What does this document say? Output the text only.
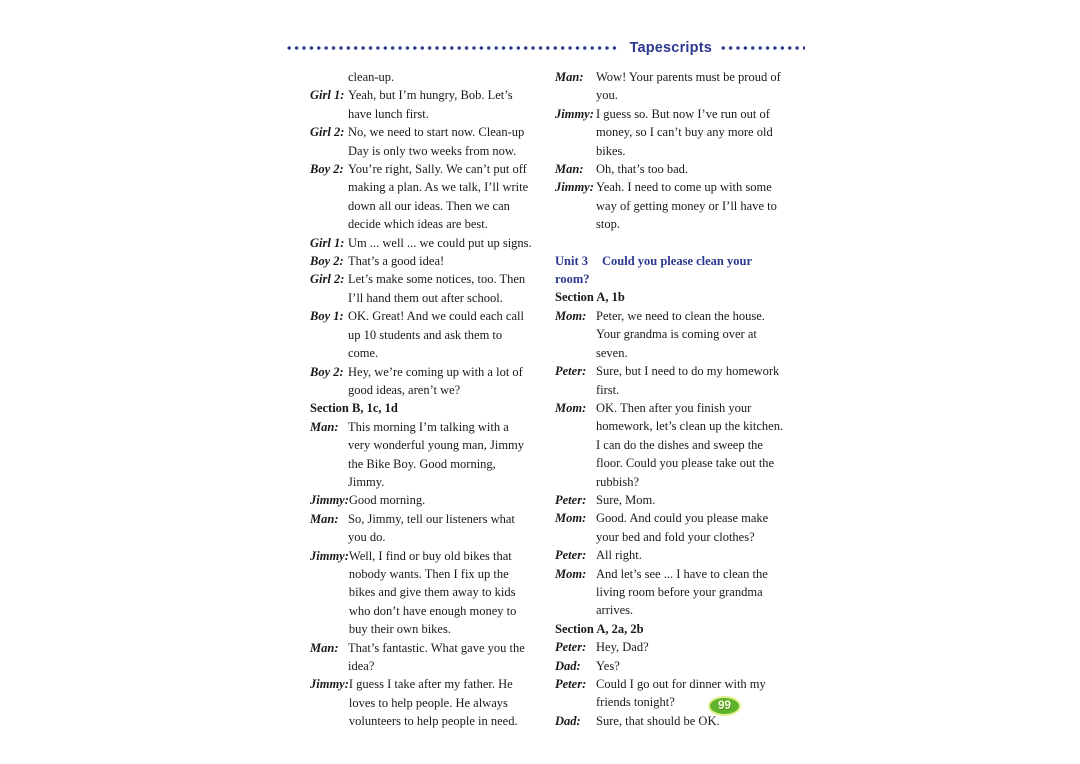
Tapescripts
clean-up.
Girl 1: Yeah, but I’m hungry, Bob. Let’s have lunch first.
Girl 2: No, we need to start now. Clean-up Day is only two weeks from now.
Boy 2: You’re right, Sally. We can’t put off making a plan. As we talk, I’ll write down all our ideas. Then we can decide which ideas are best.
Girl 1: Um ... well ... we could put up signs.
Boy 2: That’s a good idea!
Girl 2: Let’s make some notices, too. Then I’ll hand them out after school.
Boy 1: OK. Great! And we could each call up 10 students and ask them to come.
Boy 2: Hey, we’re coming up with a lot of good ideas, aren’t we?
Section B, 1c, 1d
Man: This morning I’m talking with a very wonderful young man, Jimmy the Bike Boy. Good morning, Jimmy.
Jimmy: Good morning.
Man: So, Jimmy, tell our listeners what you do.
Jimmy: Well, I find or buy old bikes that nobody wants. Then I fix up the bikes and give them away to kids who don’t have enough money to buy their own bikes.
Man: That’s fantastic. What gave you the idea?
Jimmy: I guess I take after my father. He loves to help people. He always volunteers to help people in need.
Man:	Wow! Your parents must be proud of you.
Jimmy: I guess so. But now I’ve run out of money, so I can’t buy any more old bikes.
Man:	Oh, that’s too bad.
Jimmy: Yeah. I need to come up with some way of getting money or I’ll have to stop.
Unit 3 Could you please clean your room?
Section A, 1b
Mom: Peter, we need to clean the house. Your grandma is coming over at seven.
Peter: Sure, but I need to do my homework first.
Mom: OK. Then after you finish your homework, let’s clean up the kitchen. I can do the dishes and sweep the floor. Could you please take out the rubbish?
Peter: Sure, Mom.
Mom: Good. And could you please make your bed and fold your clothes?
Peter: All right.
Mom: And let’s see ... I have to clean the living room before your grandma arrives.
Section A, 2a, 2b
Peter: Hey, Dad?
Dad:	Yes?
Peter: Could I go out for dinner with my friends tonight?
Dad:	Sure, that should be OK.
99
